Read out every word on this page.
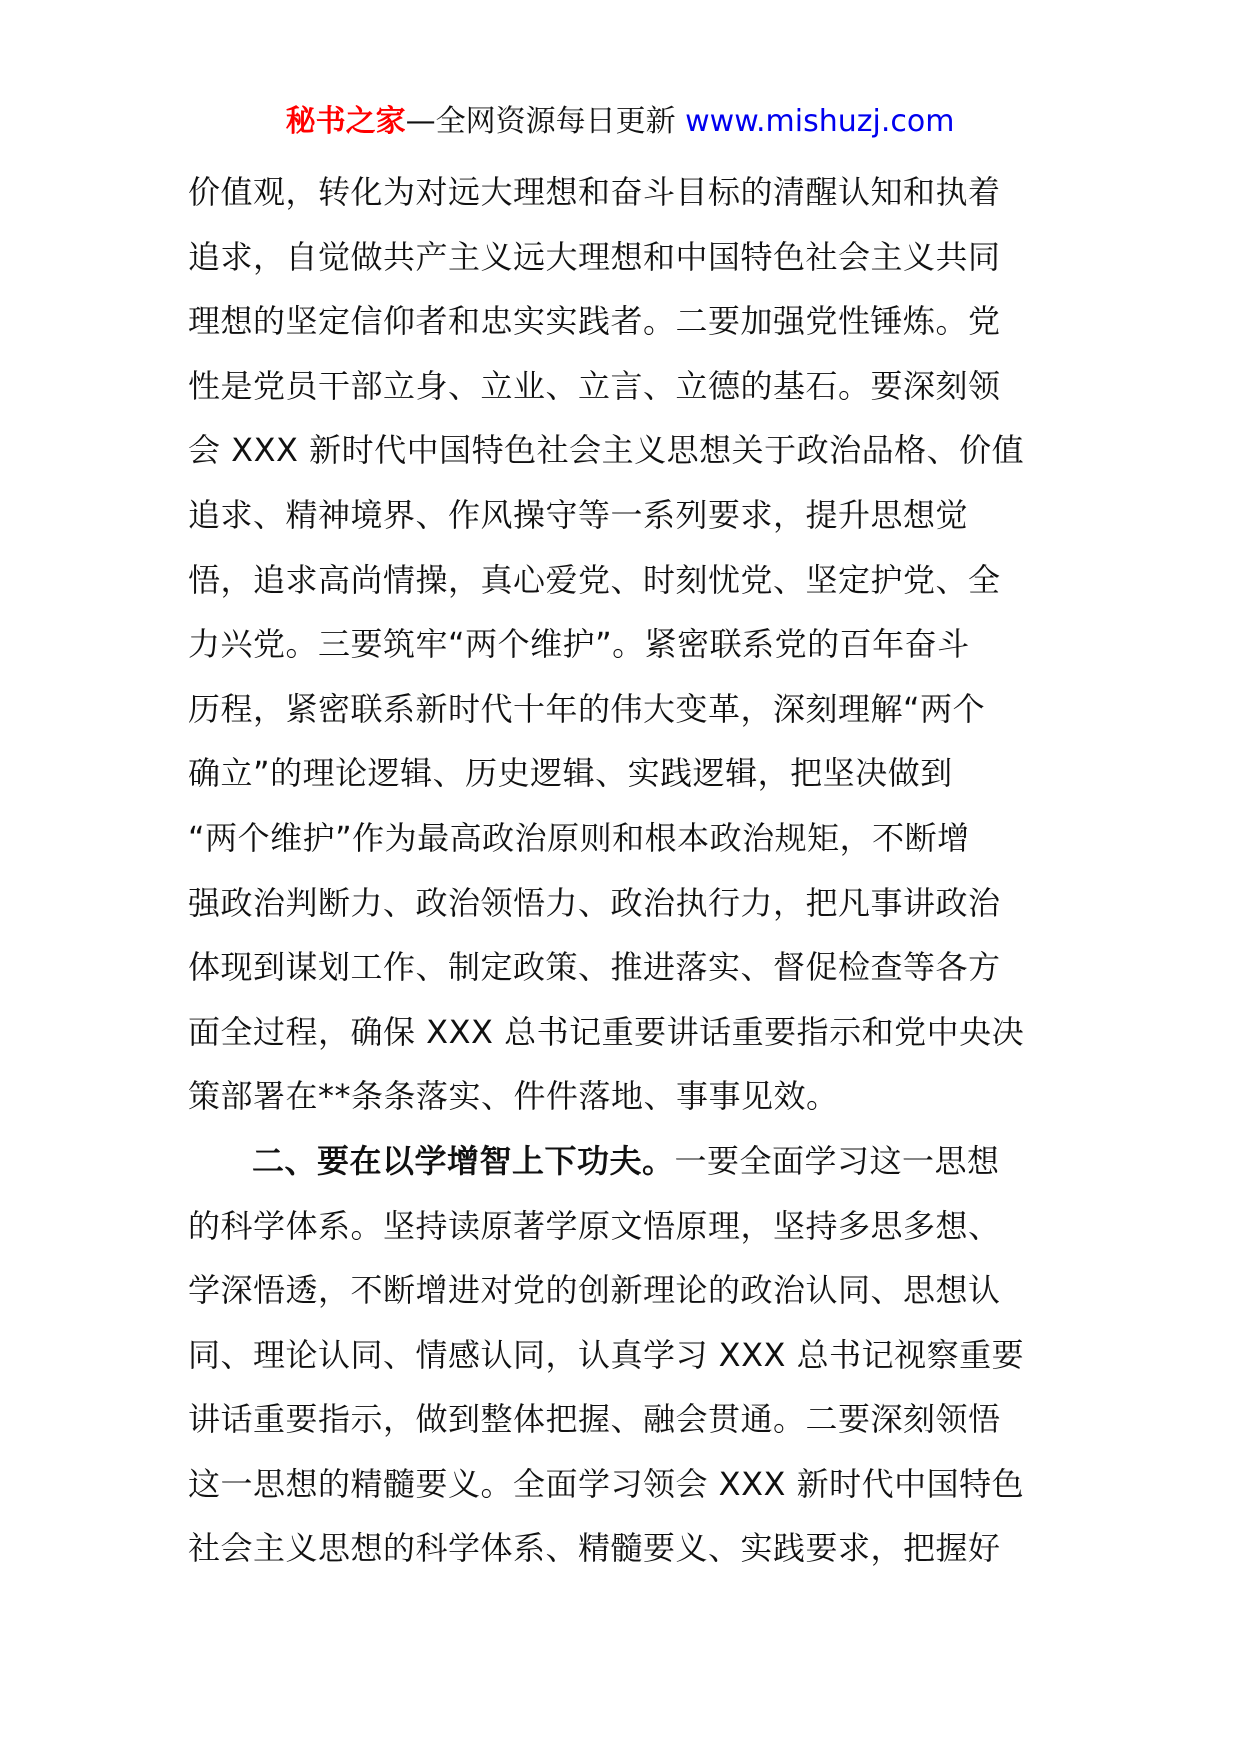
秘书之家—全网资源每日更新 www.mishuzj.com
价值观，转化为对远大理想和奋斗目标的清醒认知和执着
追求，自觉做共产主义远大理想和中国特色社会主义共同
理想的坚定信仰者和忠实实践者。二要加强党性锤炼。党
性是党员干部立身、立业、立言、立德的基石。要深刻领
会 XXX 新时代中国特色社会主义思想关于政治品格、价值
追求、精神境界、作风操守等一系列要求，提升思想觉
悟，追求高尚情操，真心爱党、时刻忧党、坚定护党、全
力兴党。三要筑牢“两个维护”。紧密联系党的百年奋斗
历程，紧密联系新时代十年的伟大变革，深刻理解“两个
确立”的理论逻辑、历史逻辑、实践逻辑，把坚决做到
“两个维护”作为最高政治原则和根本政治规矩，不断增
强政治判断力、政治领悟力、政治执行力，把凡事讲政治
体现到谋划工作、制定政策、推进落实、督促检查等各方
面全过程，确保 XXX 总书记重要讲话重要指示和党中央决
策部署在**条条落实、件件落地、事事见效。
二、要在以学增智上下功夫。一要全面学习这一思想
的科学体系。坚持读原著学原文悟原理，坚持多思多想、
学深悟透，不断增进对党的创新理论的政治认同、思想认
同、理论认同、情感认同，认真学习 XXX 总书记视察重要
讲话重要指示，做到整体把握、融会贯通。二要深刻领悟
这一思想的精髓要义。全面学习领会 XXX 新时代中国特色
社会主义思想的科学体系、精髓要义、实践要求，把握好
